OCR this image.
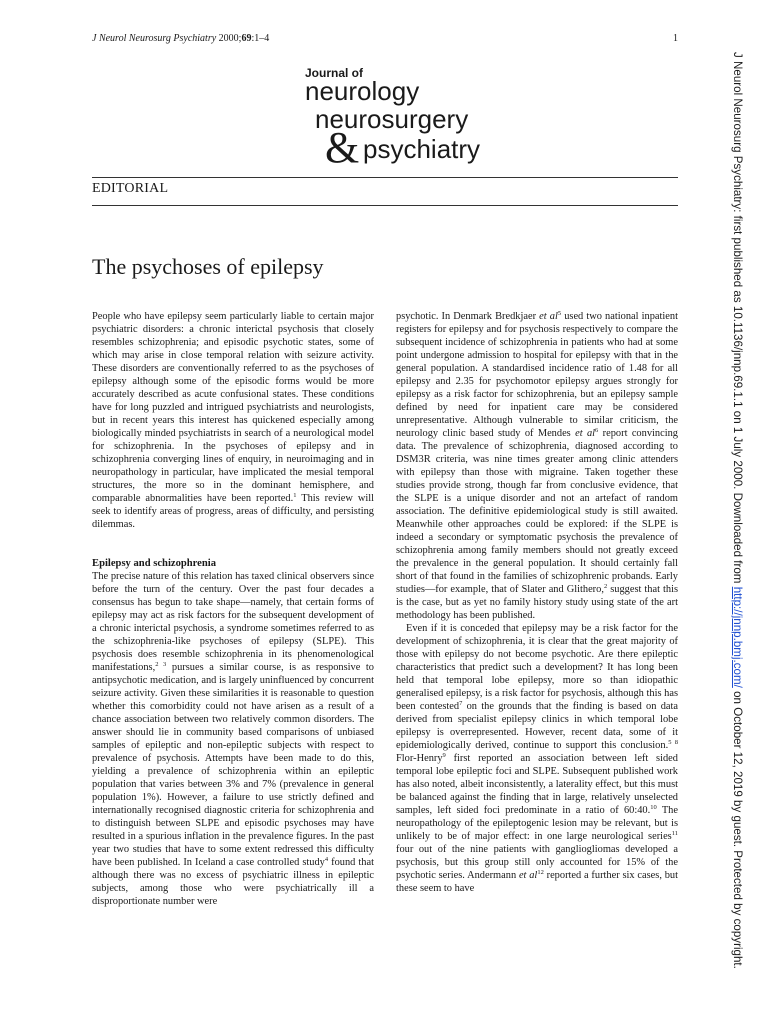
J Neurol Neurosurg Psychiatry 2000;69:1–4	1
Journal of
neurology
neurosurgery
& psychiatry
EDITORIAL
The psychoses of epilepsy

People who have epilepsy seem particularly liable to certain major psychiatric disorders: a chronic interictal psychosis that closely resembles schizophrenia; and episodic psychotic states, some of which may arise in close temporal relation with seizure activity. These disorders are conventionally referred to as the psychoses of epilepsy although some of the episodic forms would be more accurately described as acute confusional states. These conditions have for long puzzled and intrigued psychiatrists and neurologists, but in recent years this interest has quickened especially among biologically minded psychiatrists in search of a neurological model for schizophrenia. In the psychoses of epilepsy and in schizophrenia converging lines of enquiry, in neuroimaging and in neuropathology in particular, have implicated the mesial temporal structures, the more so in the dominant hemisphere, and comparable abnormalities have been reported.$^1$ This review will seek to identify areas of progress, areas of difficulty, and persisting dilemmas.

Epilepsy and schizophrenia

The precise nature of this relation has taxed clinical observers since before the turn of the century. Over the past four decades a consensus has begun to take shape—namely, that certain forms of epilepsy may act as risk factors for the subsequent development of a chronic interictal psychosis, a syndrome sometimes referred to as the schizophrenia-like psychoses of epilepsy (SLPE). This psychosis does resemble schizophrenia in its phenomenological manifestations,$^{2 3}$ pursues a similar course, is as responsive to antipsychotic medication, and is largely uninfluenced by concurrent seizure activity. Given these similarities it is reasonable to question whether this comorbidity could not have arisen as a result of a chance association between two relatively common disorders. The answer should lie in community based comparisons of unbiased samples of epileptic and non-epileptic subjects with respect to prevalence of psychosis. Attempts have been made to do this, yielding a prevalence of schizophrenia within an epileptic population that varies between 3% and 7% (prevalence in general population 1%). However, a failure to use strictly defined and internationally recognised diagnostic criteria for schizophrenia and to distinguish between SLPE and episodic psychoses may have resulted in a spurious inflation in the prevalence figures. In the past year two studies that have to some extent redressed this difficulty have been published. In Iceland a case controlled study$^4$ found that although there was no excess of psychiatric illness in epileptic subjects, among those who were psychiatrically ill a disproportionate number were

psychotic. In Denmark Bredkjaer et $al^5$ used two national inpatient registers for epilepsy and for psychosis respectively to compare the subsequent incidence of schizophrenia in patients who had at some point undergone admission to hospital for epilepsy with that in the general population. A standardised incidence ratio of 1.48 for all epilepsy and 2.35 for psychomotor epilepsy argues strongly for epilepsy as a risk factor for schizophrenia, but an epilepsy sample defined by need for inpatient care may be considered unrepresentative. Although vulnerable to similar criticism, the neurology clinic based study of Mendes et $al^6$ report convincing data. The prevalence of schizophrenia, diagnosed according to DSM3R criteria, was nine times greater among clinic attenders with epilepsy than those with migraine. Taken together these studies provide strong, though far from conclusive evidence, that the SLPE is a unique disorder and not an artefact of random association. The definitive epidemiological study is still awaited. Meanwhile other approaches could be explored: if the SLPE is indeed a secondary or symptomatic psychosis the prevalence of schizophrenia among family members should not greatly exceed the prevalence in the general population. It should certainly fall short of that found in the families of schizophrenic probands. Early studies—for example, that of Slater and Glithero,$^2$ suggest that this is the case, but as yet no family history study using state of the art methodology has been published.

Even if it is conceded that epilepsy may be a risk factor for the development of schizophrenia, it is clear that the great majority of those with epilepsy do not become psychotic. Are there epileptic characteristics that predict such a development? It has long been held that temporal lobe epilepsy, more so than idiopathic generalised epilepsy, is a risk factor for psychosis, although this has been contested$^7$ on the grounds that the finding is based on data derived from specialist epilepsy clinics in which temporal lobe epilepsy is overrepresented. However, recent data, some of it epidemiologically derived, continue to support this conclusion.$^{5 8}$ Flor-Henry$^9$ first reported an association between left sided temporal lobe epileptic foci and SLPE. Subsequent published work has also noted, albeit inconsistently, a laterality effect, but this must be balanced against the finding that in large, relatively unselected samples, left sided foci predominate in a ratio of 60:40.10 The neuropathology of the epileptogenic lesion may be relevant, but is unlikely to be of major effect: in one large neurological series$^{11}$ four out of the nine patients with gangliogliomas developed a psychosis, but this group still only accounted for 15% of the psychotic series. Andermann et $al^{12}$ reported a further six cases, but these seem to have

J Neurol Neurosurg Psychiatry: first published as 10.1136/jnnp.69.1.1 on 1 July 2000. Downloaded from http://jnnp.bmj.com/ on October 12, 2019 by guest. Protected by copyright.
